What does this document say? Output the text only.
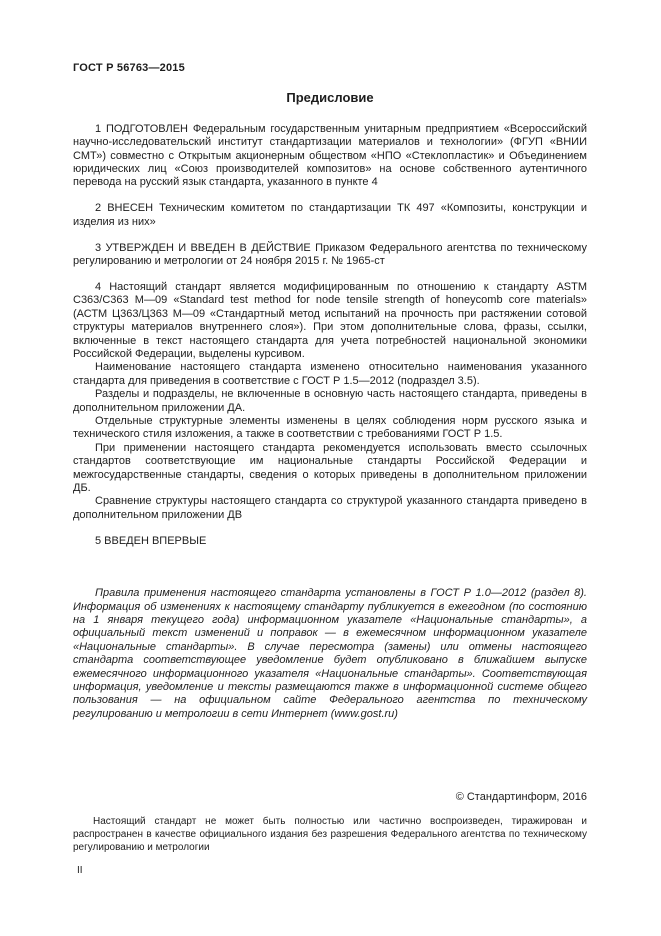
ГОСТ Р 56763—2015
Предисловие

1 ПОДГОТОВЛЕН Федеральным государственным унитарным предприятием «Всероссийский научно-исследовательский институт стандартизации материалов и технологии» (ФГУП «ВНИИ СМТ») совместно с Открытым акционерным обществом «НПО «Стеклопластик» и Объединением юридических лиц «Союз производителей композитов» на основе собственного аутентичного перевода на русский язык стандарта, указанного в пункте 4

2 ВНЕСЕН Техническим комитетом по стандартизации ТК 497 «Композиты, конструкции и изделия из них»

3 УТВЕРЖДЕН И ВВЕДЕН В ДЕЙСТВИЕ Приказом Федерального агентства по техническому регулированию и метрологии от 24 ноября 2015 г. № 1965-ст

4 Настоящий стандарт является модифицированным по отношению к стандарту ASTM C363/C363 М—09 «Standard test method for node tensile strength of honeycomb core materials» (АСТМ Ц363/Ц363 М—09 «Стандартный метод испытаний на прочность при растяжении сотовой структуры материалов внутреннего слоя»). При этом дополнительные слова, фразы, ссылки, включенные в текст настоящего стандарта для учета потребностей национальной экономики Российской Федерации, выделены курсивом.

Наименование настоящего стандарта изменено относительно наименования указанного стандарта для приведения в соответствие с ГОСТ Р 1.5—2012 (подраздел 3.5).

Разделы и подразделы, не включенные в основную часть настоящего стандарта, приведены в дополнительном приложении ДА.

Отдельные структурные элементы изменены в целях соблюдения норм русского языка и технического стиля изложения, а также в соответствии с требованиями ГОСТ Р 1.5.

При применении настоящего стандарта рекомендуется использовать вместо ссылочных стандартов соответствующие им национальные стандарты Российской Федерации и межгосударственные стандарты, сведения о которых приведены в дополнительном приложении ДБ.

Сравнение структуры настоящего стандарта со структурой указанного стандарта приведено в дополнительном приложении ДВ

5 ВВЕДЕН ВПЕРВЫЕ

Правила применения настоящего стандарта установлены в ГОСТ Р 1.0—2012 (раздел 8). Информация об изменениях к настоящему стандарту публикуется в ежегодном (по состоянию на 1 января текущего года) информационном указателе «Национальные стандарты», а официальный текст изменений и поправок — в ежемесячном информационном указателе «Национальные стандарты». В случае пересмотра (замены) или отмены настоящего стандарта соответствующее уведомление будет опубликовано в ближайшем выпуске ежемесячного информационного указателя «Национальные стандарты». Соответствующая информация, уведомление и тексты размещаются также в информационной системе общего пользования — на официальном сайте Федерального агентства по техническому регулированию и метрологии в сети Интернет (www.gost.ru)

© Стандартинформ, 2016

Настоящий стандарт не может быть полностью или частично воспроизведен, тиражирован и распространен в качестве официального издания без разрешения Федерального агентства по техническому регулированию и метрологии

II
